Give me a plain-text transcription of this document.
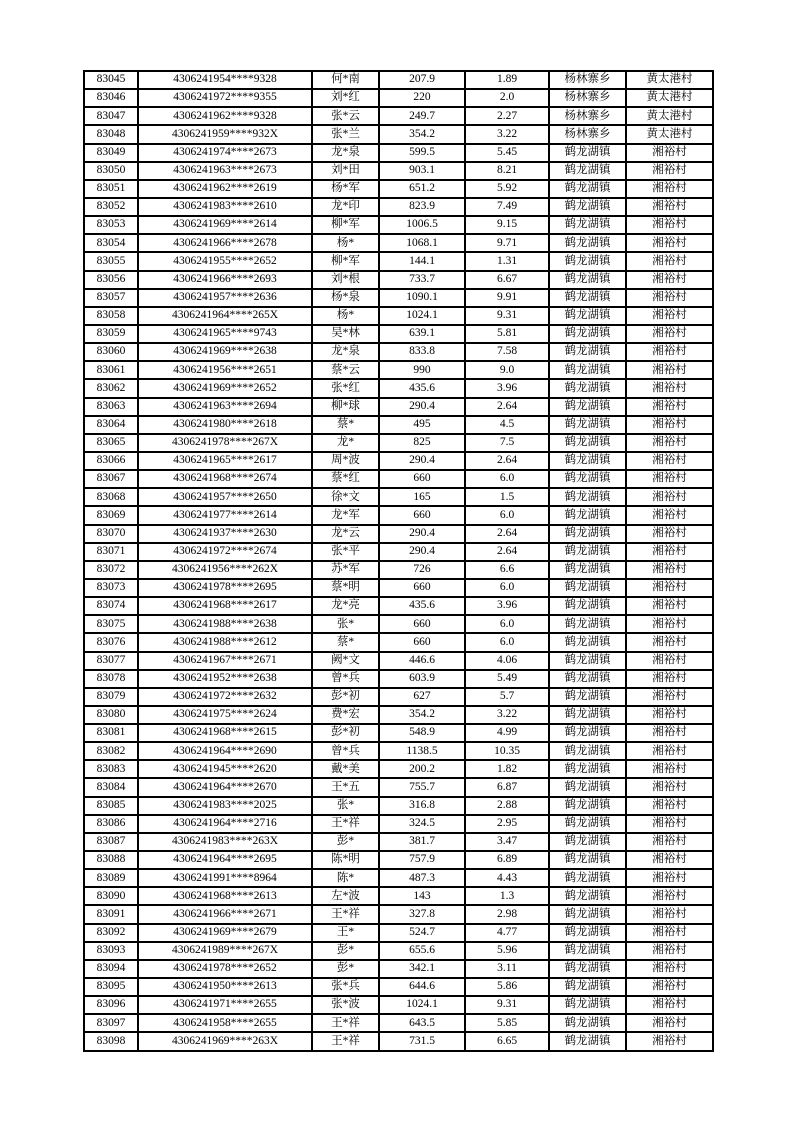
83045	4306241954****9328	何*南	207.9	1.89	杨林寨乡	黄太港村
83046	4306241972****9355	刘*红	220	2.0	杨林寨乡	黄太港村
83047	4306241962****9328	张*云	249.7	2.27	杨林寨乡	黄太港村
83048	4306241959****932X	张*兰	354.2	3.22	杨林寨乡	黄太港村
83049	4306241974****2673	龙*泉	599.5	5.45	鹤龙湖镇	湘裕村
83050	4306241963****2673	刘*田	903.1	8.21	鹤龙湖镇	湘裕村
83051	4306241962****2619	杨*军	651.2	5.92	鹤龙湖镇	湘裕村
83052	4306241983****2610	龙*印	823.9	7.49	鹤龙湖镇	湘裕村
83053	4306241969****2614	柳*军	1006.5	9.15	鹤龙湖镇	湘裕村
83054	4306241966****2678	杨*	1068.1	9.71	鹤龙湖镇	湘裕村
83055	4306241955****2652	柳*军	144.1	1.31	鹤龙湖镇	湘裕村
83056	4306241966****2693	刘*根	733.7	6.67	鹤龙湖镇	湘裕村
83057	4306241957****2636	杨*泉	1090.1	9.91	鹤龙湖镇	湘裕村
83058	4306241964****265X	杨*	1024.1	9.31	鹤龙湖镇	湘裕村
83059	4306241965****9743	吴*林	639.1	5.81	鹤龙湖镇	湘裕村
83060	4306241969****2638	龙*泉	833.8	7.58	鹤龙湖镇	湘裕村
83061	4306241956****2651	蔡*云	990	9.0	鹤龙湖镇	湘裕村
83062	4306241969****2652	张*红	435.6	3.96	鹤龙湖镇	湘裕村
83063	4306241963****2694	柳*球	290.4	2.64	鹤龙湖镇	湘裕村
83064	4306241980****2618	蔡*	495	4.5	鹤龙湖镇	湘裕村
83065	4306241978****267X	龙*	825	7.5	鹤龙湖镇	湘裕村
83066	4306241965****2617	周*波	290.4	2.64	鹤龙湖镇	湘裕村
83067	4306241968****2674	蔡*红	660	6.0	鹤龙湖镇	湘裕村
83068	4306241957****2650	徐*文	165	1.5	鹤龙湖镇	湘裕村
83069	4306241977****2614	龙*军	660	6.0	鹤龙湖镇	湘裕村
83070	4306241937****2630	龙*云	290.4	2.64	鹤龙湖镇	湘裕村
83071	4306241972****2674	张*平	290.4	2.64	鹤龙湖镇	湘裕村
83072	4306241956****262X	苏*军	726	6.6	鹤龙湖镇	湘裕村
83073	4306241978****2695	蔡*明	660	6.0	鹤龙湖镇	湘裕村
83074	4306241968****2617	龙*亮	435.6	3.96	鹤龙湖镇	湘裕村
83075	4306241988****2638	张*	660	6.0	鹤龙湖镇	湘裕村
83076	4306241988****2612	蔡*	660	6.0	鹤龙湖镇	湘裕村
83077	4306241967****2671	阙*文	446.6	4.06	鹤龙湖镇	湘裕村
83078	4306241952****2638	曾*兵	603.9	5.49	鹤龙湖镇	湘裕村
83079	4306241972****2632	彭*初	627	5.7	鹤龙湖镇	湘裕村
83080	4306241975****2624	费*宏	354.2	3.22	鹤龙湖镇	湘裕村
83081	4306241968****2615	彭*初	548.9	4.99	鹤龙湖镇	湘裕村
83082	4306241964****2690	曾*兵	1138.5	10.35	鹤龙湖镇	湘裕村
83083	4306241945****2620	戴*美	200.2	1.82	鹤龙湖镇	湘裕村
83084	4306241964****2670	王*五	755.7	6.87	鹤龙湖镇	湘裕村
83085	4306241983****2025	张*	316.8	2.88	鹤龙湖镇	湘裕村
83086	4306241964****2716	王*祥	324.5	2.95	鹤龙湖镇	湘裕村
83087	4306241983****263X	彭*	381.7	3.47	鹤龙湖镇	湘裕村
83088	4306241964****2695	陈*明	757.9	6.89	鹤龙湖镇	湘裕村
83089	4306241991****8964	陈*	487.3	4.43	鹤龙湖镇	湘裕村
83090	4306241968****2613	左*波	143	1.3	鹤龙湖镇	湘裕村
83091	4306241966****2671	王*祥	327.8	2.98	鹤龙湖镇	湘裕村
83092	4306241969****2679	王*	524.7	4.77	鹤龙湖镇	湘裕村
83093	4306241989****267X	彭*	655.6	5.96	鹤龙湖镇	湘裕村
83094	4306241978****2652	彭*	342.1	3.11	鹤龙湖镇	湘裕村
83095	4306241950****2613	张*兵	644.6	5.86	鹤龙湖镇	湘裕村
83096	4306241971****2655	张*波	1024.1	9.31	鹤龙湖镇	湘裕村
83097	4306241958****2655	王*祥	643.5	5.85	鹤龙湖镇	湘裕村
83098	4306241969****263X	王*祥	731.5	6.65	鹤龙湖镇	湘裕村
